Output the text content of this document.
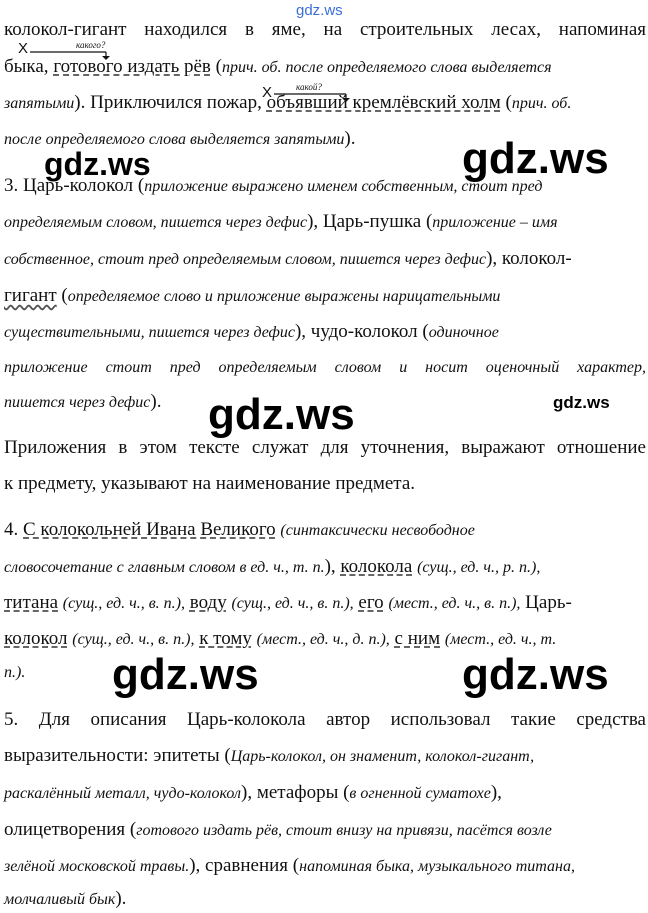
gdz.ws
X	какого?
X	какой?
колокол-гигант находился в яме, на строительных лесах, напоминая
быка, готового издать рёв (прич. об. после определяемого слова выделяется
запятыми). Приключился пожар, объявший кремлёвский холм (прич. об.
после определяемого слова выделяется запятыми).
gdz.ws	gdz.ws
3. Царь-колокол (приложение выражено именем собственным, стоит пред
определяемым словом, пишется через дефис), Царь-пушка (приложение – имя
собственное, стоит пред определяемым словом, пишется через дефис), колокол-
гигант (определяемое слово и приложение выражены нарицательными
существительными, пишется через дефис), чудо-колокол (одиночное
приложение стоит пред определяемым словом и носит оценочный характер,
пишется через дефис).	gdz.ws	gdz.ws
Приложения в этом тексте служат для уточнения, выражают отношение
к предмету, указывают на наименование предмета.
4. С колокольней Ивана Великого (синтаксически несвободное
словосочетание с главным словом в ед. ч., т. п.), колокола (сущ., ед. ч., р. п.),
титана (сущ., ед. ч., в. п.), воду (сущ., ед. ч., в. п.), его (мест., ед. ч., в. п.), Царь-
колокол (сущ., ед. ч., в. п.), к тому (мест., ед. ч., д. п.), с ним (мест., ед. ч., т.
п.).	gdz.ws	gdz.ws
5. Для описания Царь-колокола автор использовал такие средства
выразительности: эпитеты (Царь-колокол, он знаменит, колокол-гигант,
раскалённый металл, чудо-колокол), метафоры (в огненной суматохе),
олицетворения (готового издать рёв, стоит внизу на привязи, пасётся возле
зелёной московской травы.), сравнения (напоминая быка, музыкального титана,
молчаливый бык).
